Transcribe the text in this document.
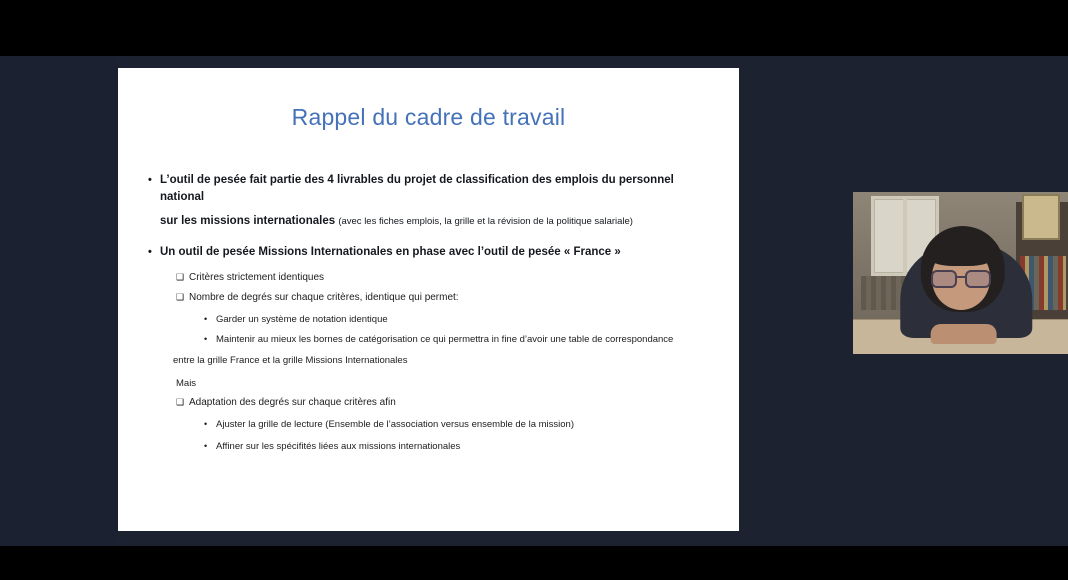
Rappel du cadre de travail
• L’outil de pesée fait partie des 4 livrables du projet de classification des emplois du personnel national
sur les missions internationales (avec les fiches emplois, la grille et la révision de la politique salariale)
• Un outil de pesée Missions Internationales en phase avec l’outil de pesée « France »
❑ Critères strictement identiques
❑ Nombre de degrés sur chaque critères, identique qui permet:
• Garder un système de notation identique
• Maintenir au mieux les bornes de catégorisation ce qui permettra in fine d’avoir une table de correspondance
entre la grille France et la grille Missions Internationales
Mais
❑ Adaptation des degrés sur chaque critères afin
• Ajuster la grille de lecture (Ensemble de l’association versus ensemble de la mission)
• Affiner sur les spécifités liées aux missions internationales
